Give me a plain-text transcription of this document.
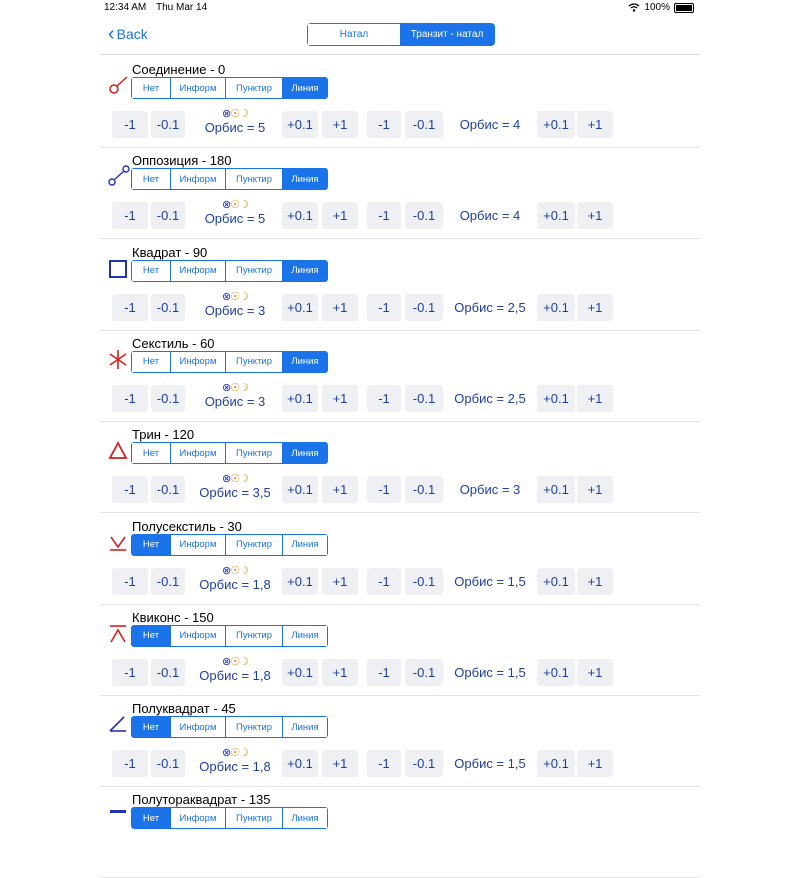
12:34 AM Thu Mar 14	100%
‹ Back	Натал	Транзит - натал
Соединение - 0
Нет	Информ	Пунктир	Линия
-1	-0.1
⊗☉☽
Орбис = 5	+0.1	+1	-1	-0.1	Орбис = 4	+0.1	+1
Оппозиция - 180
Нет	Информ	Пунктир	Линия
-1	-0.1
⊗☉☽
Орбис = 5	+0.1	+1	-1	-0.1	Орбис = 4	+0.1	+1
Квадрат - 90
Нет	Информ	Пунктир	Линия
-1	-0.1
⊗☉☽
Орбис = 3	+0.1	+1	-1	-0.1	Орбис = 2,5	+0.1	+1
Секстиль - 60
Нет	Информ	Пунктир	Линия
-1	-0.1
⊗☉☽
Орбис = 3	+0.1	+1	-1	-0.1	Орбис = 2,5	+0.1	+1
Трин - 120
Нет	Информ	Пунктир	Линия
-1	-0.1
⊗☉☽
Орбис = 3,5	+0.1	+1	-1	-0.1	Орбис = 3	+0.1	+1
Полусекстиль - 30
Нет	Информ	Пунктир	Линия
-1	-0.1
⊗☉☽
Орбис = 1,8	+0.1	+1	-1	-0.1	Орбис = 1,5	+0.1	+1
Квиконс - 150
Нет	Информ	Пунктир	Линия
-1	-0.1
⊗☉☽
Орбис = 1,8	+0.1	+1	-1	-0.1	Орбис = 1,5	+0.1	+1
Полуквадрат - 45
Нет	Информ	Пунктир	Линия
-1	-0.1
⊗☉☽
Орбис = 1,8	+0.1	+1	-1	-0.1	Орбис = 1,5	+0.1	+1
Полутораквадрат - 135
Нет	Информ	Пунктир	Линия
